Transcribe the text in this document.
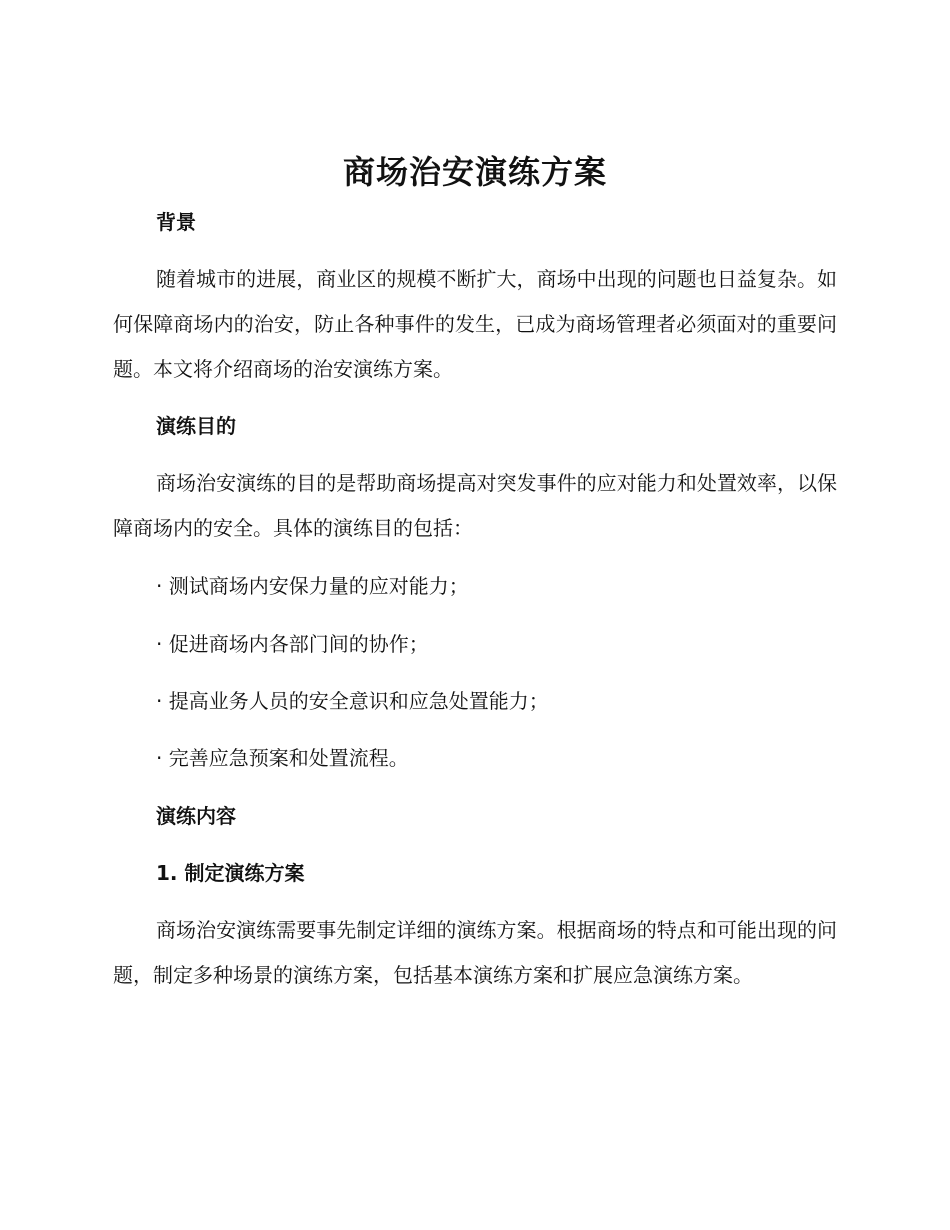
商场治安演练方案
背景

随着城市的进展，商业区的规模不断扩大，商场中出现的问题也日益复杂。如何保障商场内的治安，防止各种事件的发生，已成为商场管理者必须面对的重要问题。本文将介绍商场的治安演练方案。

演练目的

商场治安演练的目的是帮助商场提高对突发事件的应对能力和处置效率，以保障商场内的安全。具体的演练目的包括：

· 测试商场内安保力量的应对能力；
· 促进商场内各部门间的协作；
· 提高业务人员的安全意识和应急处置能力；
· 完善应急预案和处置流程。
演练内容
1. 制定演练方案

商场治安演练需要事先制定详细的演练方案。根据商场的特点和可能出现的问题，制定多种场景的演练方案，包括基本演练方案和扩展应急演练方案。
